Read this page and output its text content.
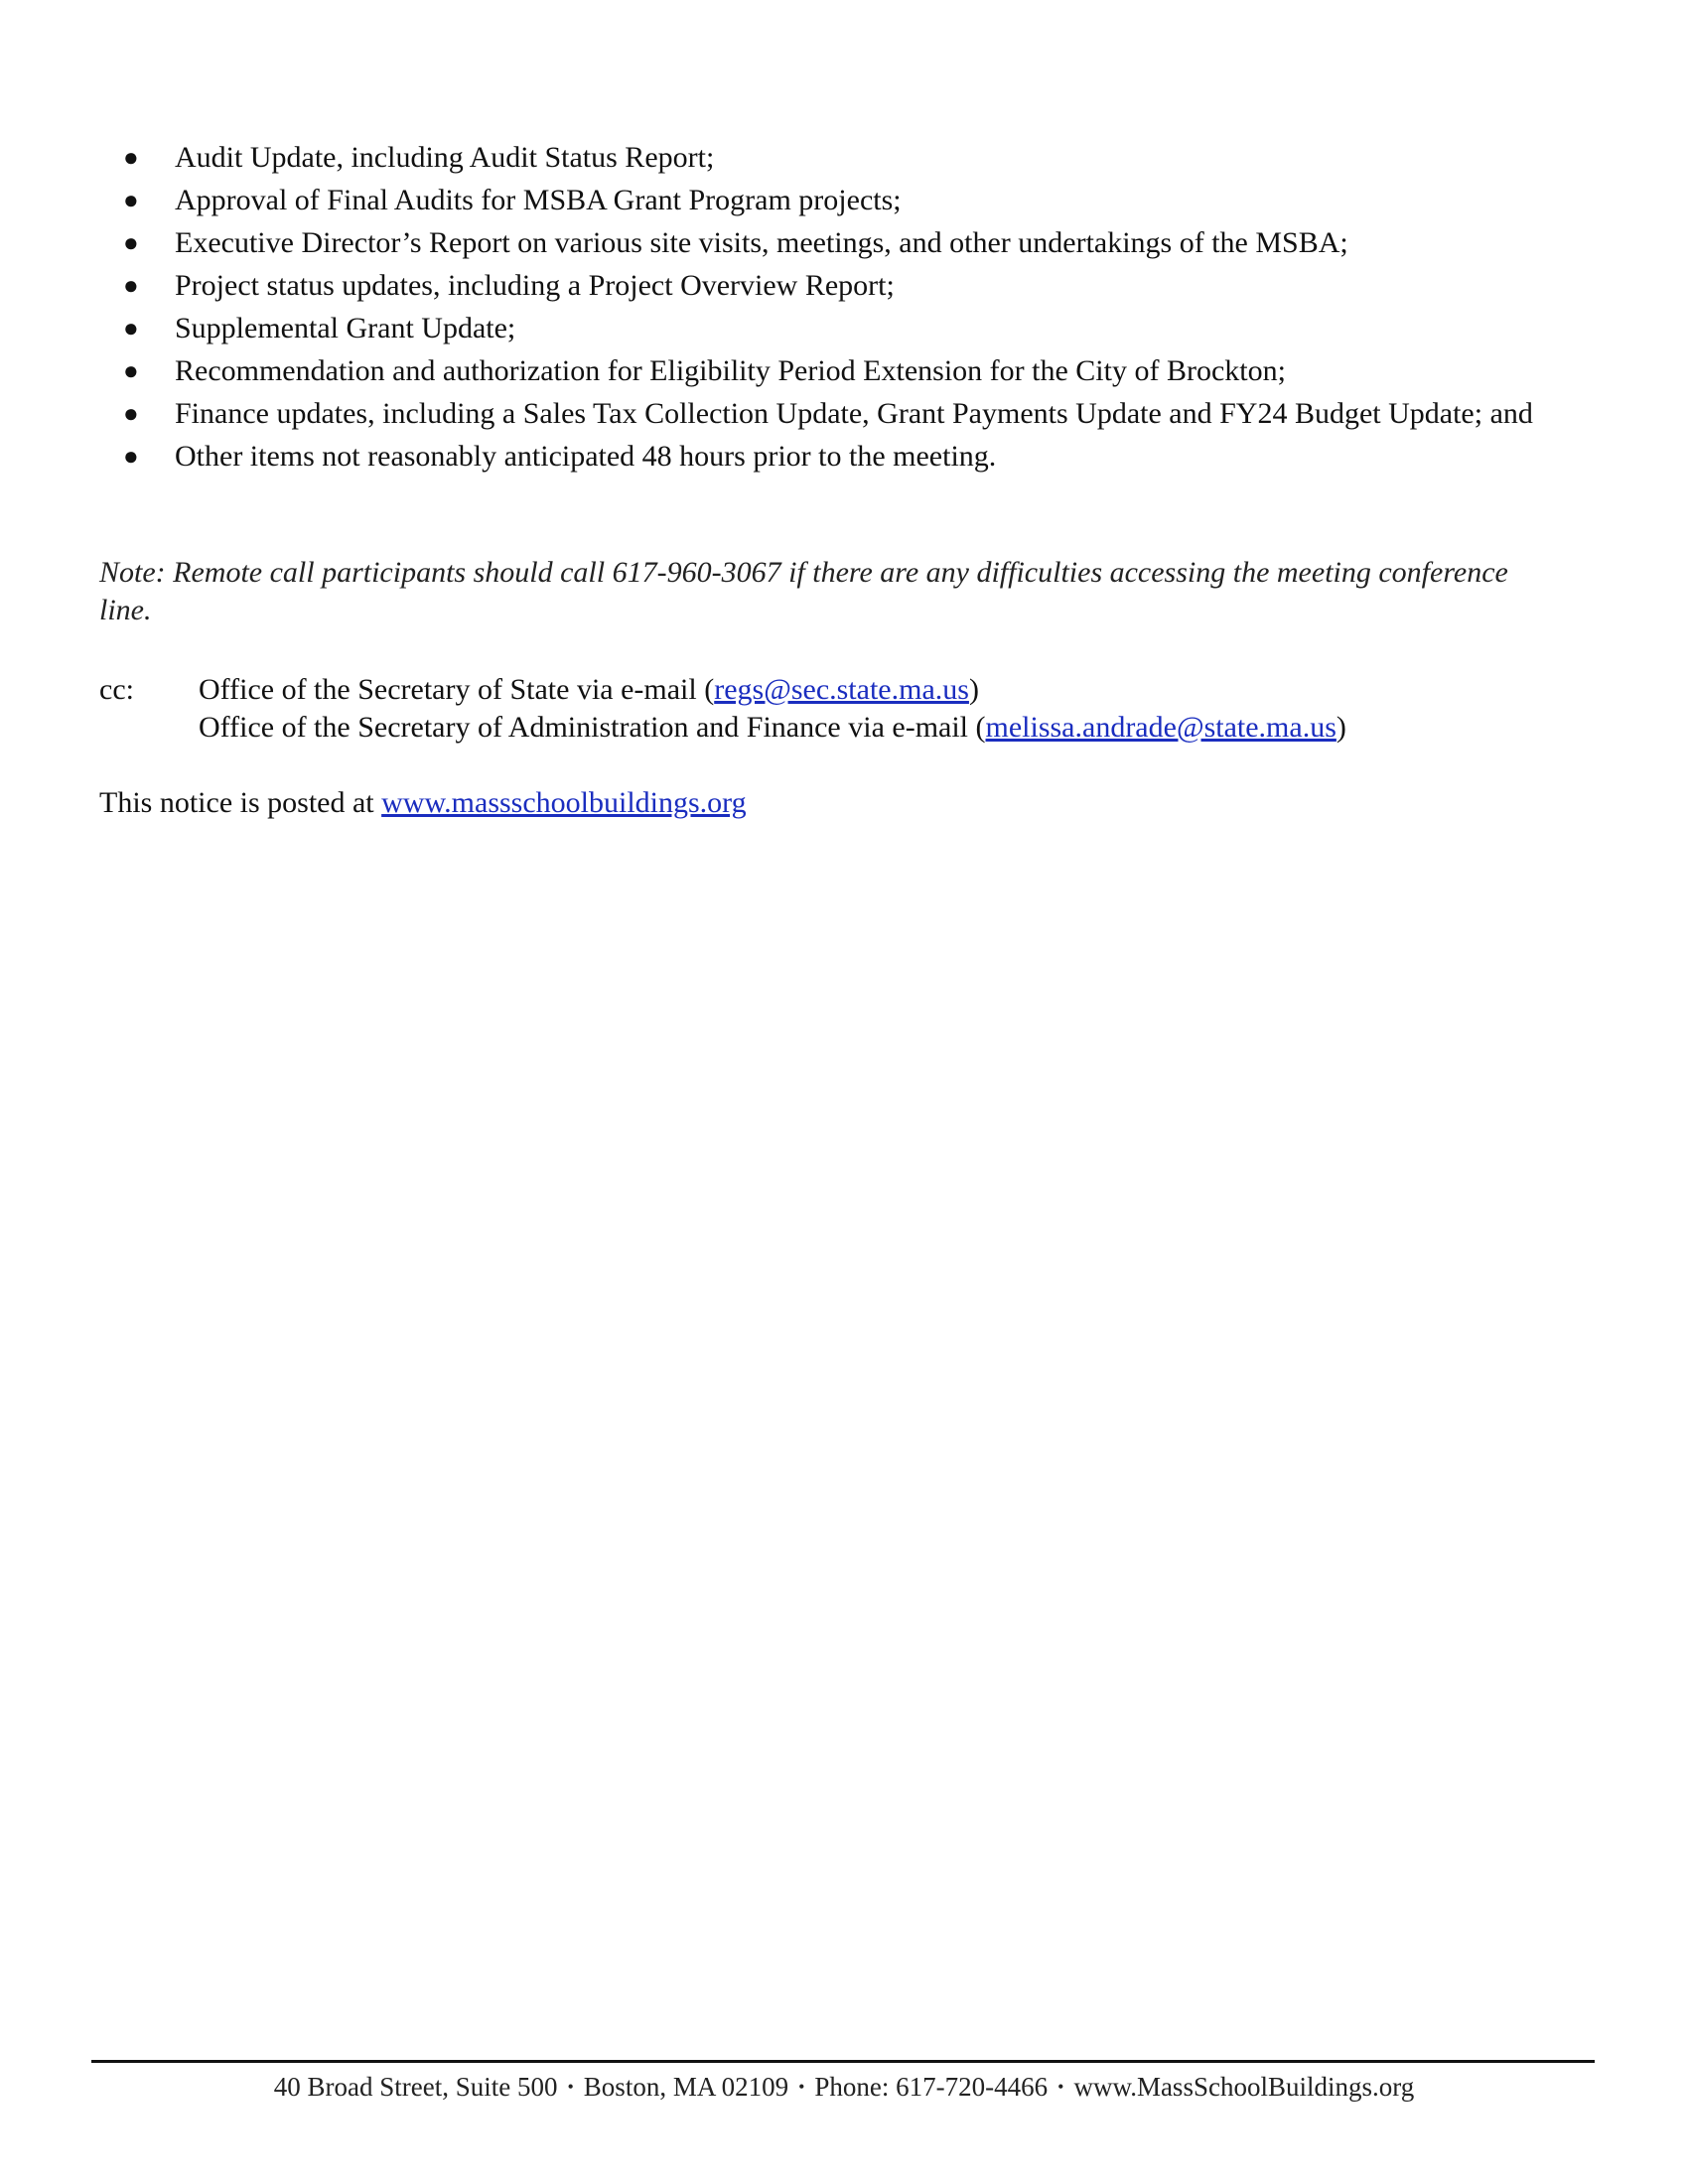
● Audit Update, including Audit Status Report;
● Approval of Final Audits for MSBA Grant Program projects;
● Executive Director’s Report on various site visits, meetings, and other undertakings of the MSBA;
● Project status updates, including a Project Overview Report;
● Supplemental Grant Update;
● Recommendation and authorization for Eligibility Period Extension for the City of Brockton;
● Finance updates, including a Sales Tax Collection Update, Grant Payments Update and FY24 Budget Update; and
● Other items not reasonably anticipated 48 hours prior to the meeting.
Note: Remote call participants should call 617-960-3067 if there are any difficulties accessing the meeting conference line.
cc: Office of the Secretary of State via e-mail (regs@sec.state.ma.us)
Office of the Secretary of Administration and Finance via e-mail (melissa.andrade@state.ma.us)
This notice is posted at www.massschoolbuildings.org
40 Broad Street, Suite 500 • Boston, MA 02109 • Phone: 617-720-4466 • www.MassSchoolBuildings.org
